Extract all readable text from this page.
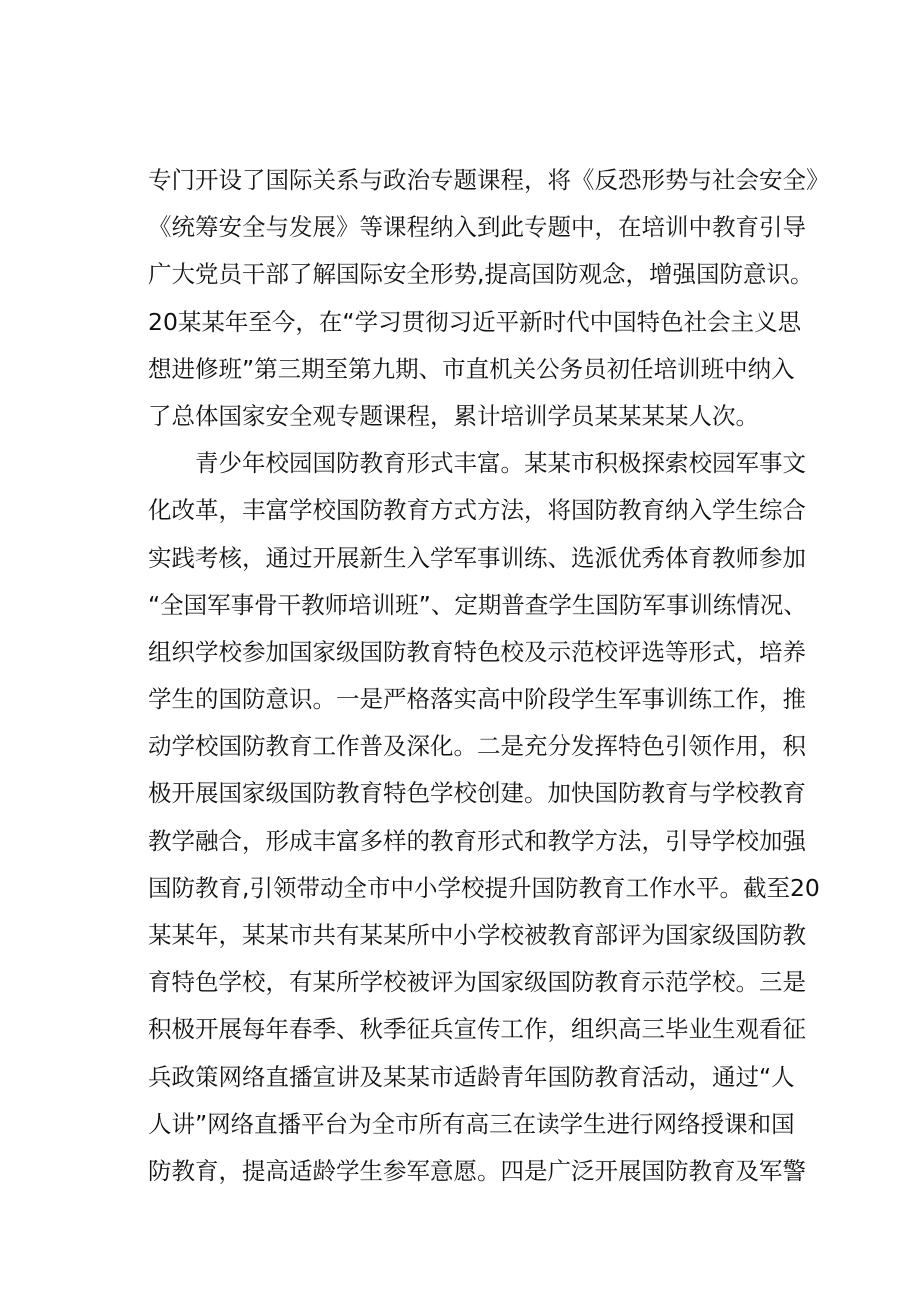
专门开设了国际关系与政治专题课程，将《反恐形势与社会安全》
《统筹安全与发展》等课程纳入到此专题中，在培训中教育引导
广大党员干部了解国际安全形势,提高国防观念，增强国防意识。
20某某年至今，在“学习贯彻习近平新时代中国特色社会主义思
想进修班”第三期至第九期、市直机关公务员初任培训班中纳入
了总体国家安全观专题课程，累计培训学员某某某某人次。
青少年校园国防教育形式丰富。某某市积极探索校园军事文
化改革，丰富学校国防教育方式方法，将国防教育纳入学生综合
实践考核，通过开展新生入学军事训练、选派优秀体育教师参加
“全国军事骨干教师培训班”、定期普查学生国防军事训练情况、
组织学校参加国家级国防教育特色校及示范校评选等形式，培养
学生的国防意识。一是严格落实高中阶段学生军事训练工作，推
动学校国防教育工作普及深化。二是充分发挥特色引领作用，积
极开展国家级国防教育特色学校创建。加快国防教育与学校教育
教学融合，形成丰富多样的教育形式和教学方法，引导学校加强
国防教育,引领带动全市中小学校提升国防教育工作水平。截至20
某某年，某某市共有某某所中小学校被教育部评为国家级国防教
育特色学校，有某所学校被评为国家级国防教育示范学校。三是
积极开展每年春季、秋季征兵宣传工作，组织高三毕业生观看征
兵政策网络直播宣讲及某某市适龄青年国防教育活动，通过“人
人讲”网络直播平台为全市所有高三在读学生进行网络授课和国
防教育，提高适龄学生参军意愿。四是广泛开展国防教育及军警
